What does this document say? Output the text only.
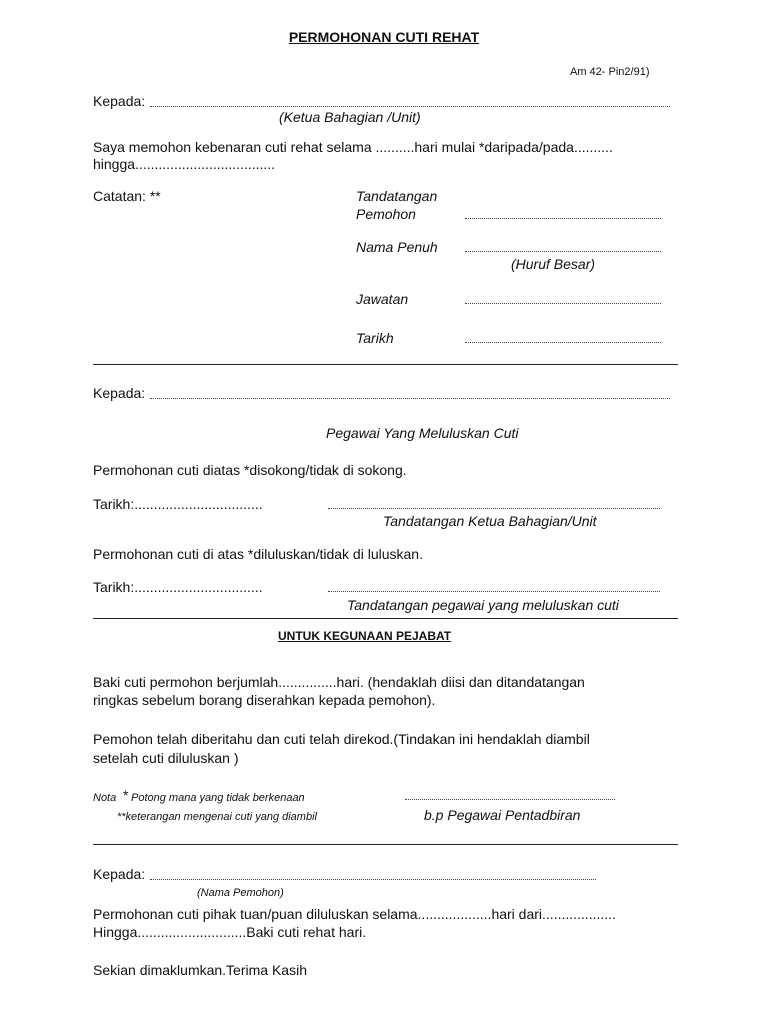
PERMOHONAN CUTI REHAT
Am 42- Pin2/91)
Kepada:
(Ketua Bahagian /Unit)
Saya memohon kebenaran cuti rehat selama ..........hari mulai *daripada/pada..........
hingga....................................
Catatan: **	Tandatangan
Pemohon
Nama Penuh
(Huruf Besar)
Jawatan
Tarikh
Kepada:
Pegawai Yang Meluluskan Cuti
Permohonan cuti diatas *disokong/tidak di sokong.
Tarikh:.................................
Tandatangan Ketua Bahagian/Unit
Permohonan cuti di atas *diluluskan/tidak di luluskan.
Tarikh:.................................
Tandatangan pegawai yang meluluskan cuti
UNTUK KEGUNAAN PEJABAT
Baki cuti permohon berjumlah...............hari. (hendaklah diisi dan ditandatangan
ringkas sebelum borang diserahkan kepada pemohon).
Pemohon telah diberitahu dan cuti telah direkod.(Tindakan ini hendaklah diambil
setelah cuti diluluskan )
Nota * Potong mana yang tidak berkenaan
**keterangan mengenai cuti yang diambil	b.p Pegawai Pentadbiran
Kepada:
(Nama Pemohon)
Permohonan cuti pihak tuan/puan diluluskan selama...................hari dari...................
Hingga............................Baki cuti rehat hari.
Sekian dimaklumkan.Terima Kasih
